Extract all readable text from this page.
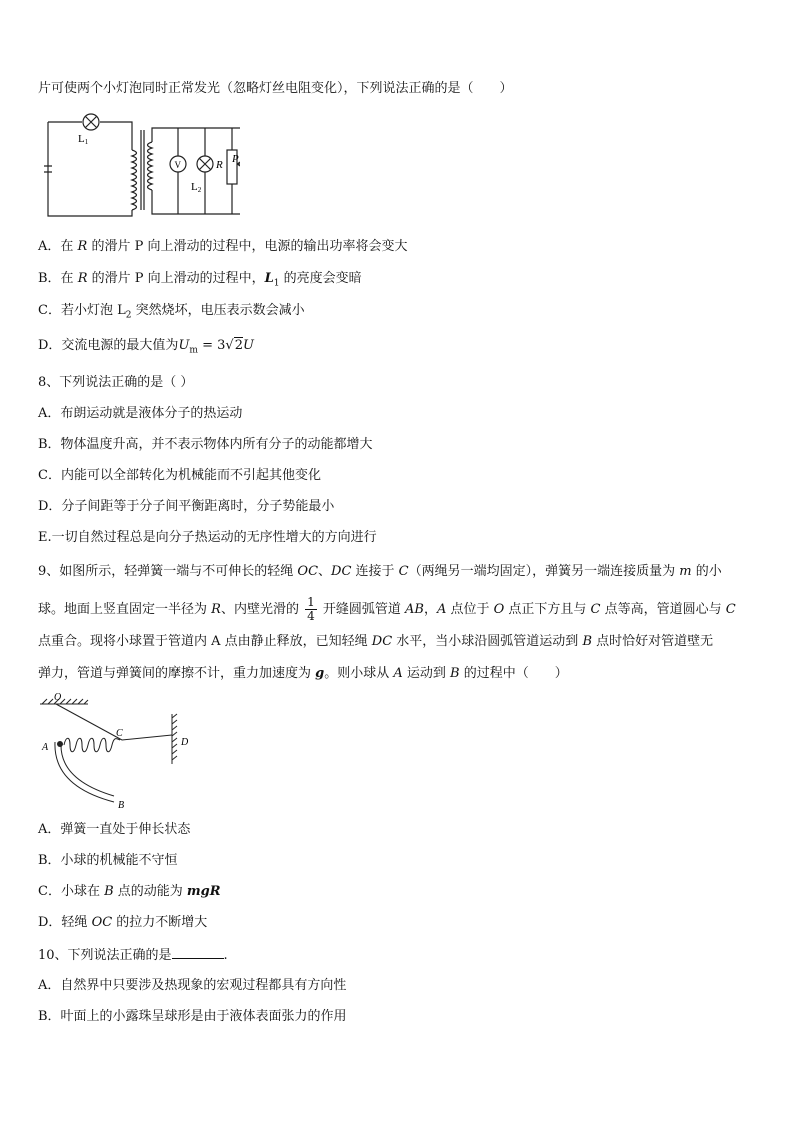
片可使两个小灯泡同时正常发光（忽略灯丝电阻变化），下列说法正确的是（　　）
L1
V
L2
R P
A．在 R 的滑片 P 向上滑动的过程中，电源的输出功率将会变大
B．在 R 的滑片 P 向上滑动的过程中，$L_1$ 的亮度会变暗
C．若小灯泡 $L_2$ 突然烧坏，电压表示数会减小
D．交流电源的最大值为$U_m = 3√2U$
8、下列说法正确的是（ ）
A．布朗运动就是液体分子的热运动
B．物体温度升高，并不表示物体内所有分子的动能都增大
C．内能可以全部转化为机械能而不引起其他变化
D．分子间距等于分子间平衡距离时，分子势能最小
E.一切自然过程总是向分子热运动的无序性增大的方向进行
9、如图所示，轻弹簧一端与不可伸长的轻绳 OC、DC 连接于 C（两绳另一端均固定），弹簧另一端连接质量为 m 的小
球。地面上竖直固定一半径为 R、内壁光滑的 $\frac{1}{4}$ 开缝圆弧管道 AB，A 点位于 O 点正下方且与 C 点等高，管道圆心与 C
点重合。现将小球置于管道内 A 点由静止释放，已知轻绳 DC 水平，当小球沿圆弧管道运动到 B 点时恰好对管道壁无
弹力，管道与弹簧间的摩擦不计，重力加速度为 g。则小球从 A 运动到 B 的过程中（　　）
O
A
C
D
B
A．弹簧一直处于伸长状态
B．小球的机械能不守恒
C．小球在 B 点的动能为 mgR
D．轻绳 OC 的拉力不断增大
10、下列说法正确的是	.
A．自然界中只要涉及热现象的宏观过程都具有方向性
B．叶面上的小露珠呈球形是由于液体表面张力的作用
